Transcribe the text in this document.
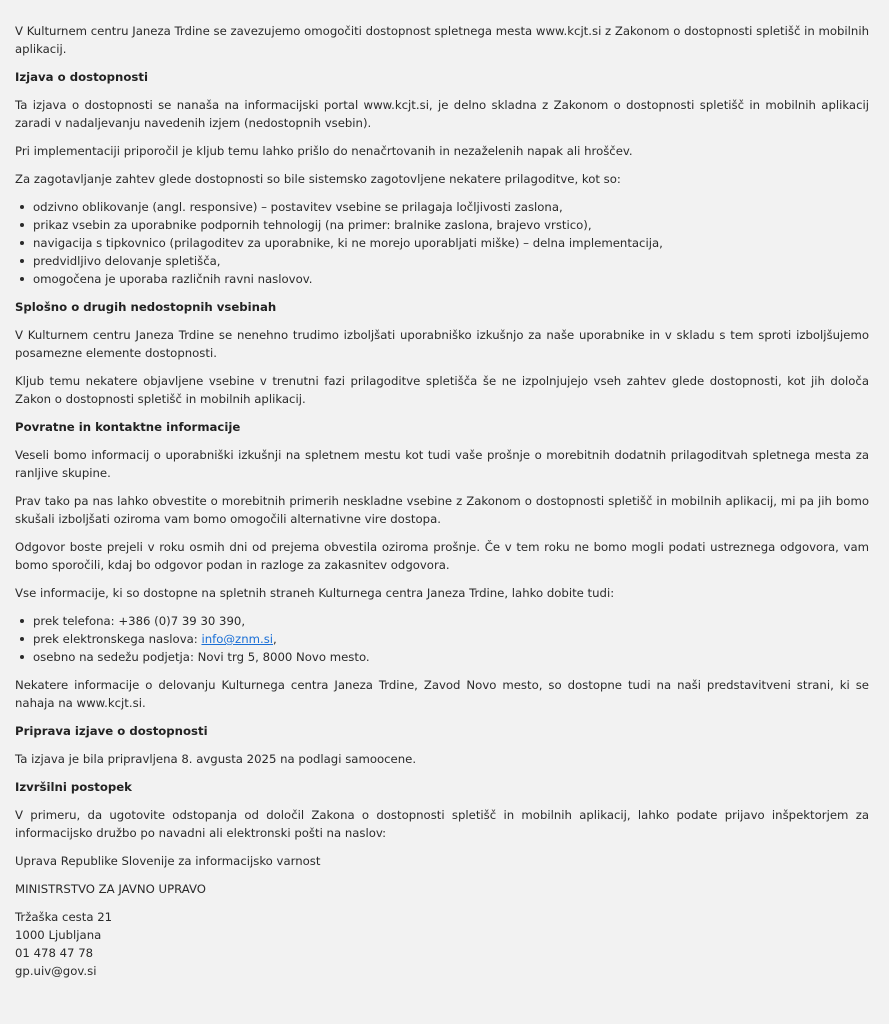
V Kulturnem centru Janeza Trdine se zavezujemo omogočiti dostopnost spletnega mesta www.kcjt.si z Zakonom o dostopnosti spletišč in mobilnih aplikacij.

Izjava o dostopnosti

Ta izjava o dostopnosti se nanaša na informacijski portal www.kcjt.si, je delno skladna z Zakonom o dostopnosti spletišč in mobilnih aplikacij zaradi v nadaljevanju navedenih izjem (nedostopnih vsebin).

Pri implementaciji priporočil je kljub temu lahko prišlo do nenačrtovanih in nezaželenih napak ali hroščev.

Za zagotavljanje zahtev glede dostopnosti so bile sistemsko zagotovljene nekatere prilagoditve, kot so:

odzivno oblikovanje (angl. responsive) – postavitev vsebine se prilagaja ločljivosti zaslona,
prikaz vsebin za uporabnike podpornih tehnologij (na primer: bralnike zaslona, brajevo vrstico),
navigacija s tipkovnico (prilagoditev za uporabnike, ki ne morejo uporabljati miške) – delna implementacija,
predvidljivo delovanje spletišča,
omogočena je uporaba različnih ravni naslovov.
Splošno o drugih nedostopnih vsebinah

V Kulturnem centru Janeza Trdine se nenehno trudimo izboljšati uporabniško izkušnjo za naše uporabnike in v skladu s tem sproti izboljšujemo posamezne elemente dostopnosti.

Kljub temu nekatere objavljene vsebine v trenutni fazi prilagoditve spletišča še ne izpolnjujejo vseh zahtev glede dostopnosti, kot jih določa Zakon o dostopnosti spletišč in mobilnih aplikacij.

Povratne in kontaktne informacije

Veseli bomo informacij o uporabniški izkušnji na spletnem mestu kot tudi vaše prošnje o morebitnih dodatnih prilagoditvah spletnega mesta za ranljive skupine.

Prav tako pa nas lahko obvestite o morebitnih primerih neskladne vsebine z Zakonom o dostopnosti spletišč in mobilnih aplikacij, mi pa jih bomo skušali izboljšati oziroma vam bomo omogočili alternativne vire dostopa.

Odgovor boste prejeli v roku osmih dni od prejema obvestila oziroma prošnje. Če v tem roku ne bomo mogli podati ustreznega odgovora, vam bomo sporočili, kdaj bo odgovor podan in razloge za zakasnitev odgovora.

Vse informacije, ki so dostopne na spletnih straneh Kulturnega centra Janeza Trdine, lahko dobite tudi:

prek telefona: +386 (0)7 39 30 390,
prek elektronskega naslova: info@znm.si,
osebno na sedežu podjetja: Novi trg 5, 8000 Novo mesto.

Nekatere informacije o delovanju Kulturnega centra Janeza Trdine, Zavod Novo mesto, so dostopne tudi na naši predstavitveni strani, ki se nahaja na www.kcjt.si.

Priprava izjave o dostopnosti

Ta izjava je bila pripravljena 8. avgusta 2025 na podlagi samoocene.

Izvršilni postopek

V primeru, da ugotovite odstopanja od določil Zakona o dostopnosti spletišč in mobilnih aplikacij, lahko podate prijavo inšpektorjem za informacijsko družbo po navadni ali elektronski pošti na naslov:

Uprava Republike Slovenije za informacijsko varnost

MINISTRSTVO ZA JAVNO UPRAVO

Tržaška cesta 21

1000 Ljubljana

01 478 47 78

gp.uiv@gov.si
